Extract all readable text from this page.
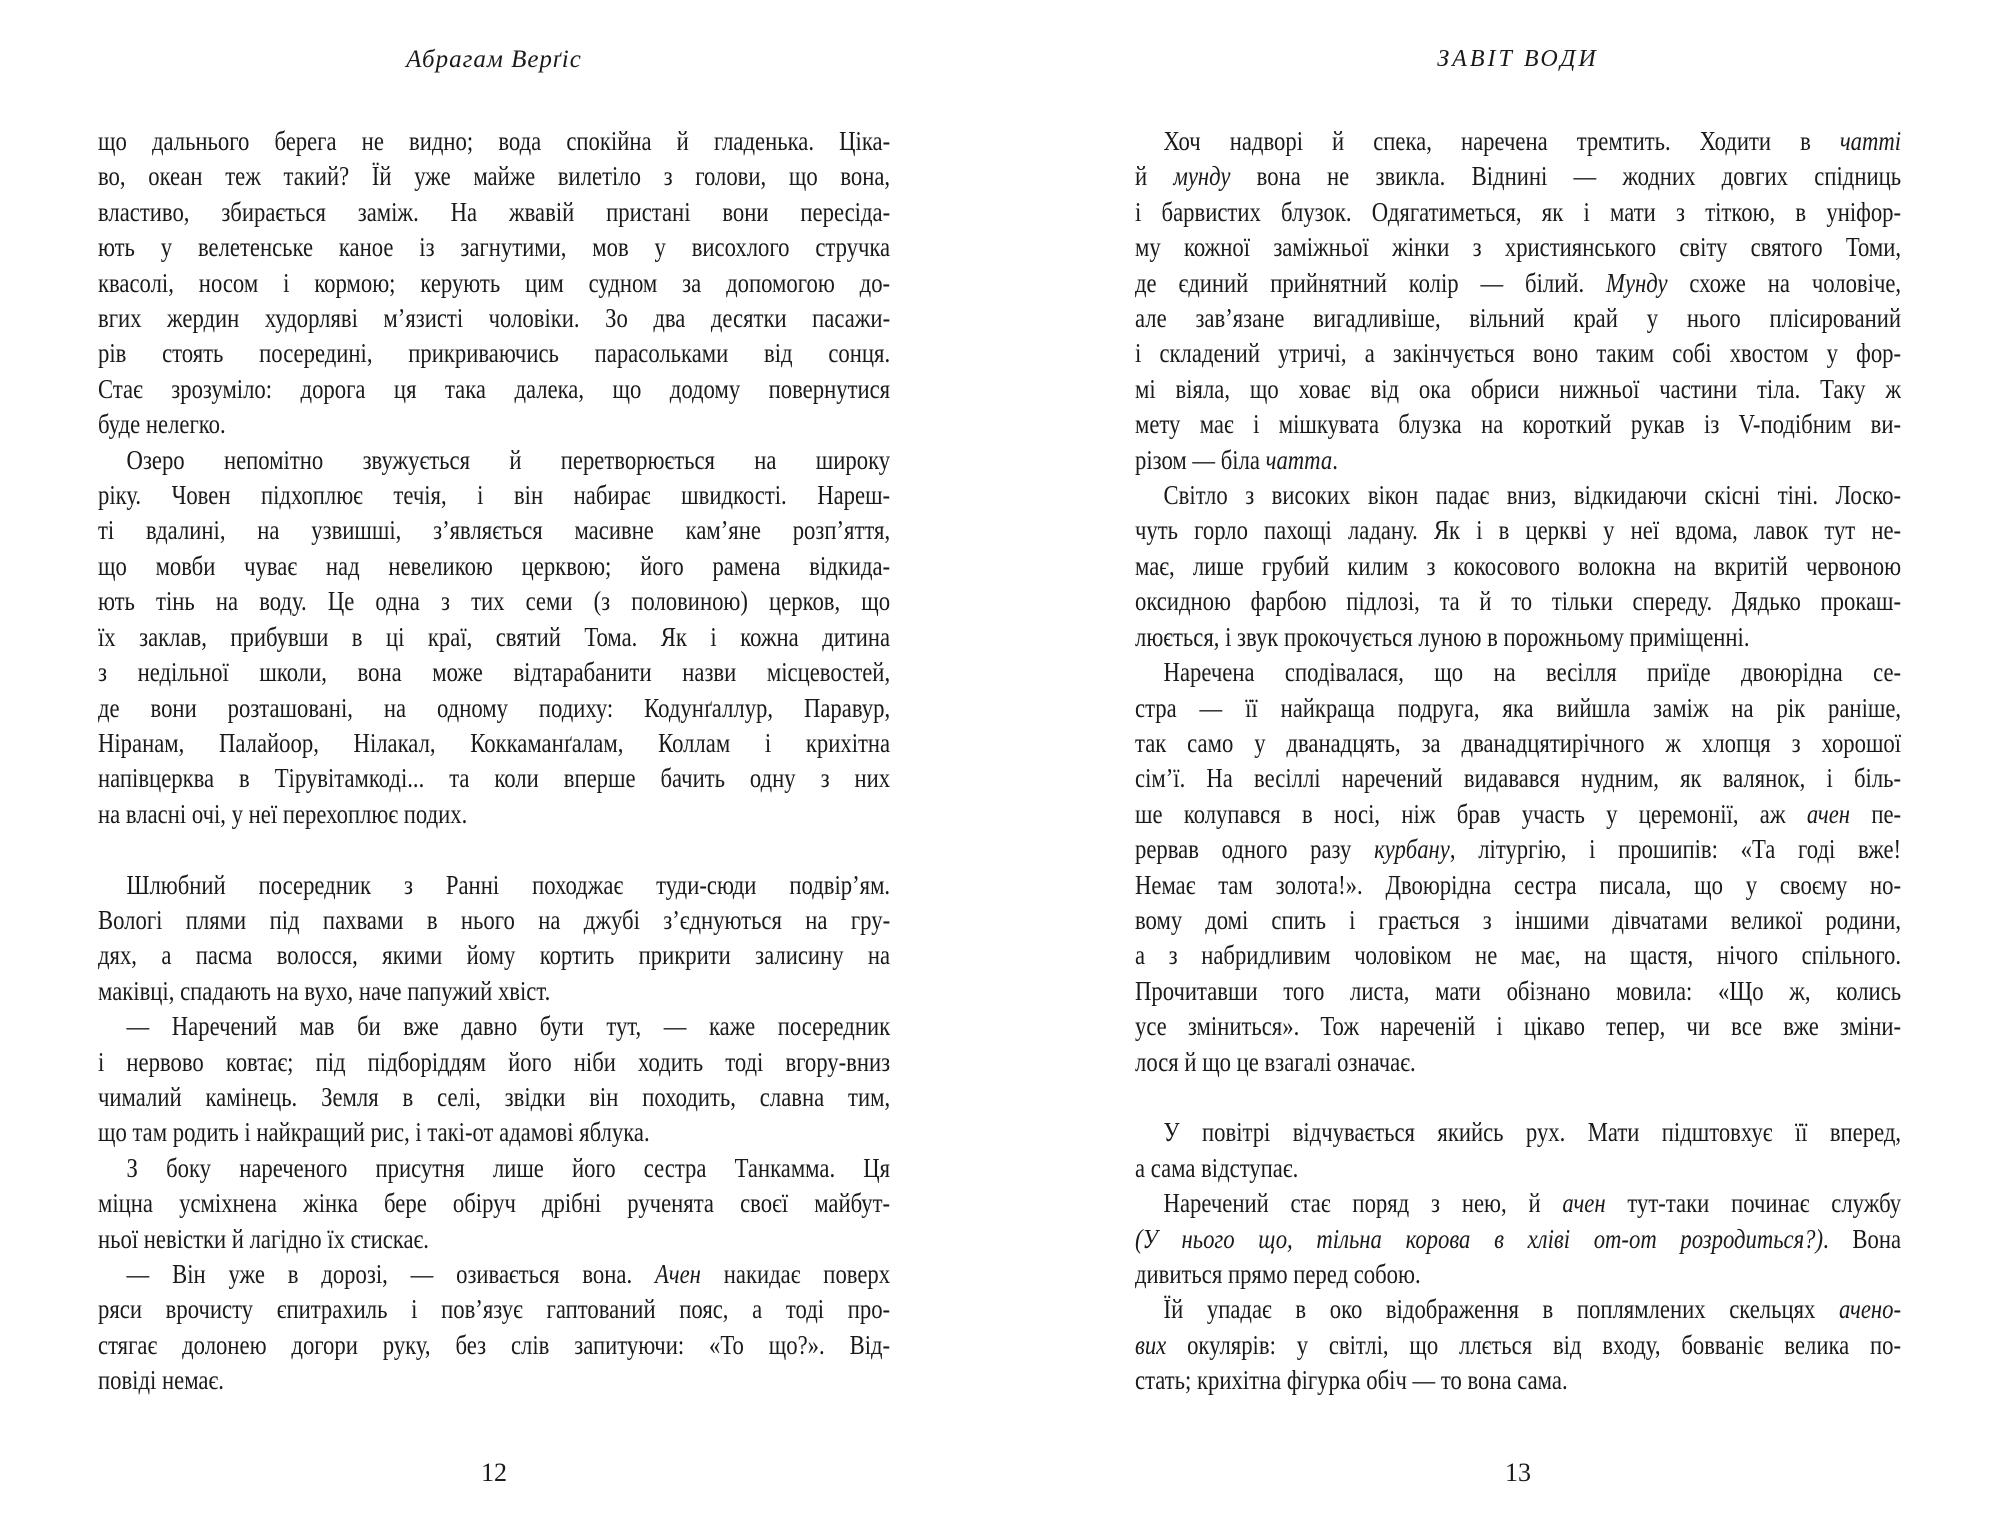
Абрагам Верґіс
що дальнього берега не видно; вода спокійна й гладенька. Ціка-
во, океан теж такий? Їй уже майже вилетіло з голови, що вона,
властиво, збирається заміж. На жвавій пристані вони пересіда-
ють у велетенське каное із загнутими, мов у висохлого стручка
квасолі, носом і кормою; керують цим судном за допомогою до-
вгих жердин худорляві м’язисті чоловіки. Зо два десятки пасажи-
рів стоять посередині, прикриваючись парасольками від сонця.
Стає зрозуміло: дорога ця така далека, що додому повернутися
буде нелегко.
Озеро непомітно звужується й перетворюється на широку
ріку. Човен підхоплює течія, і він набирає швидкості. Нареш-
ті вдалині, на узвишші, з’являється масивне кам’яне розп’яття,
що мовби чуває над невеликою церквою; його рамена відкида-
ють тінь на воду. Це одна з тих семи (з половиною) церков, що
їх заклав, прибувши в ці краї, святий Тома. Як і кожна дитина
з недільної школи, вона може відтарабанити назви місцевостей,
де вони розташовані, на одному подиху: Кодунґаллур, Паравур,
Ніранам, Палайоор, Нілакал, Коккаманґалам, Коллам і крихітна
напівцерква в Тірувітамкоді... та коли вперше бачить одну з них
на власні очі, у неї перехоплює подих.
Шлюбний посередник з Ранні походжає туди-сюди подвір’ям.
Вологі плями під пахвами в нього на джубі з’єднуються на гру-
дях, а пасма волосся, якими йому кортить прикрити залисину на
маківці, спадають на вухо, наче папужий хвіст.
— Наречений мав би вже давно бути тут, — каже посередник
і нервово ковтає; під підборіддям його ніби ходить тоді вгору-вниз
чималий камінець. Земля в селі, звідки він походить, славна тим,
що там родить і найкращий рис, і такі-от адамові яблука.
З боку нареченого присутня лише його сестра Танкамма. Ця
міцна усміхнена жінка бере обіруч дрібні рученята своєї майбут-
ньої невістки й лагідно їх стискає.
— Він уже в дорозі, — озивається вона. Ачен накидає поверх
ряси врочисту єпитрахиль і пов’язує гаптований пояс, а тоді про-
стягає долонею догори руку, без слів запитуючи: «То що?». Від-
повіді немає.
12
ЗАВІТ ВОДИ
Хоч надворі й спека, наречена тремтить. Ходити в чатті
й мунду вона не звикла. Віднині — жодних довгих спідниць
і барвистих блузок. Одягатиметься, як і мати з тіткою, в уніфор-
му кожної заміжньої жінки з християнського світу святого Томи,
де єдиний прийнятний колір — білий. Мунду схоже на чоловіче,
але зав’язане вигадливіше, вільний край у нього плісирований
і складений утричі, а закінчується воно таким собі хвостом у фор-
мі віяла, що ховає від ока обриси нижньої частини тіла. Таку ж
мету має і мішкувата блузка на короткий рукав із V-подібним ви-
різом — біла чатта.
Світло з високих вікон падає вниз, відкидаючи скісні тіні. Лоско-
чуть горло пахощі ладану. Як і в церкві у неї вдома, лавок тут не-
має, лише грубий килим з кокосового волокна на вкритій червоною
оксидною фарбою підлозі, та й то тільки спереду. Дядько прокаш-
люється, і звук прокочується луною в порожньому приміщенні.
Наречена сподівалася, що на весілля приїде двоюрідна се-
стра — її найкраща подруга, яка вийшла заміж на рік раніше,
так само у дванадцять, за дванадцятирічного ж хлопця з хорошої
сім’ї. На весіллі наречений видавався нудним, як валянок, і біль-
ше колупався в носі, ніж брав участь у церемонії, аж ачен пе-
рервав одного разу курбану, літургію, і прошипів: «Та годі вже!
Немає там золота!». Двоюрідна сестра писала, що у своєму но-
вому домі спить і грається з іншими дівчатами великої родини,
а з набридливим чоловіком не має, на щастя, нічого спільного.
Прочитавши того листа, мати обізнано мовила: «Що ж, колись
усе зміниться». Тож нареченій і цікаво тепер, чи все вже зміни-
лося й що це взагалі означає.
У повітрі відчувається якийсь рух. Мати підштовхує її вперед,
а сама відступає.
Наречений стає поряд з нею, й ачен тут-таки починає службу
(У нього що, тільна корова в хліві от-от розродиться?). Вона
дивиться прямо перед собою.
Їй упадає в око відображення в поплямлених скельцях ачено-
вих окулярів: у світлі, що ллється від входу, бовваніє велика по-
стать; крихітна фігурка обіч — то вона сама.
13
